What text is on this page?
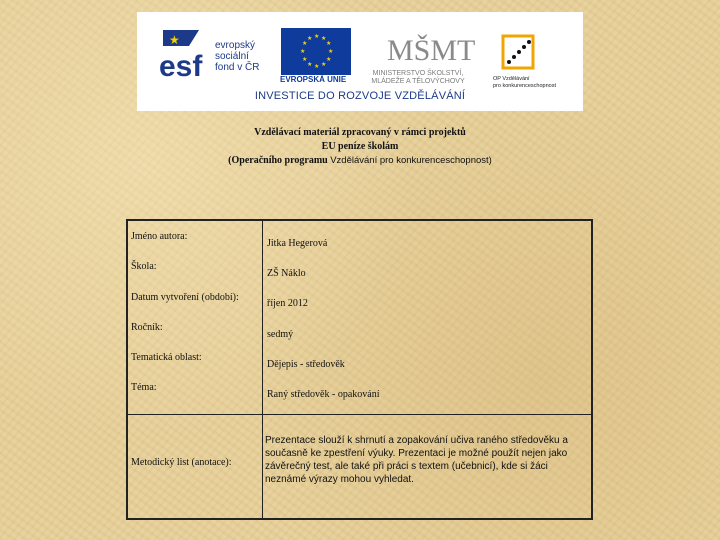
★
esf
evropský
sociální
fond v ČR
★ ★
★
★
★
★
★
★
★
★
★
★
EVROPSKÁ UNIE
MŠMT
MINISTERSTVO ŠKOLSTVÍ,
MLÁDEŽE A TĚLOVÝCHOVY	OP Vzdělávání
pro konkurenceschopnost
INVESTICE DO ROZVOJE VZDĚLÁVÁNÍ
Vzdělávací materiál zpracovaný v rámci projektů
EU peníze školám
(Operačního programu Vzdělávání pro konkurenceschopnost)
Jméno autora:
Jitka Hegerová
Škola:
ZŠ Náklo
Datum vytvoření (období):
říjen 2012
Ročník:
sedmý
Tematická oblast:
Dějepis - středověk
Téma:
Raný středověk - opakování
Metodický list (anotace):
Prezentace slouží k shrnutí a zopakování učiva raného středověku a současně ke zpestření výuky. Prezentaci je možné použít nejen jako závěrečný test, ale také při práci s textem (učebnicí), kde si žáci neznámé výrazy mohou vyhledat.
